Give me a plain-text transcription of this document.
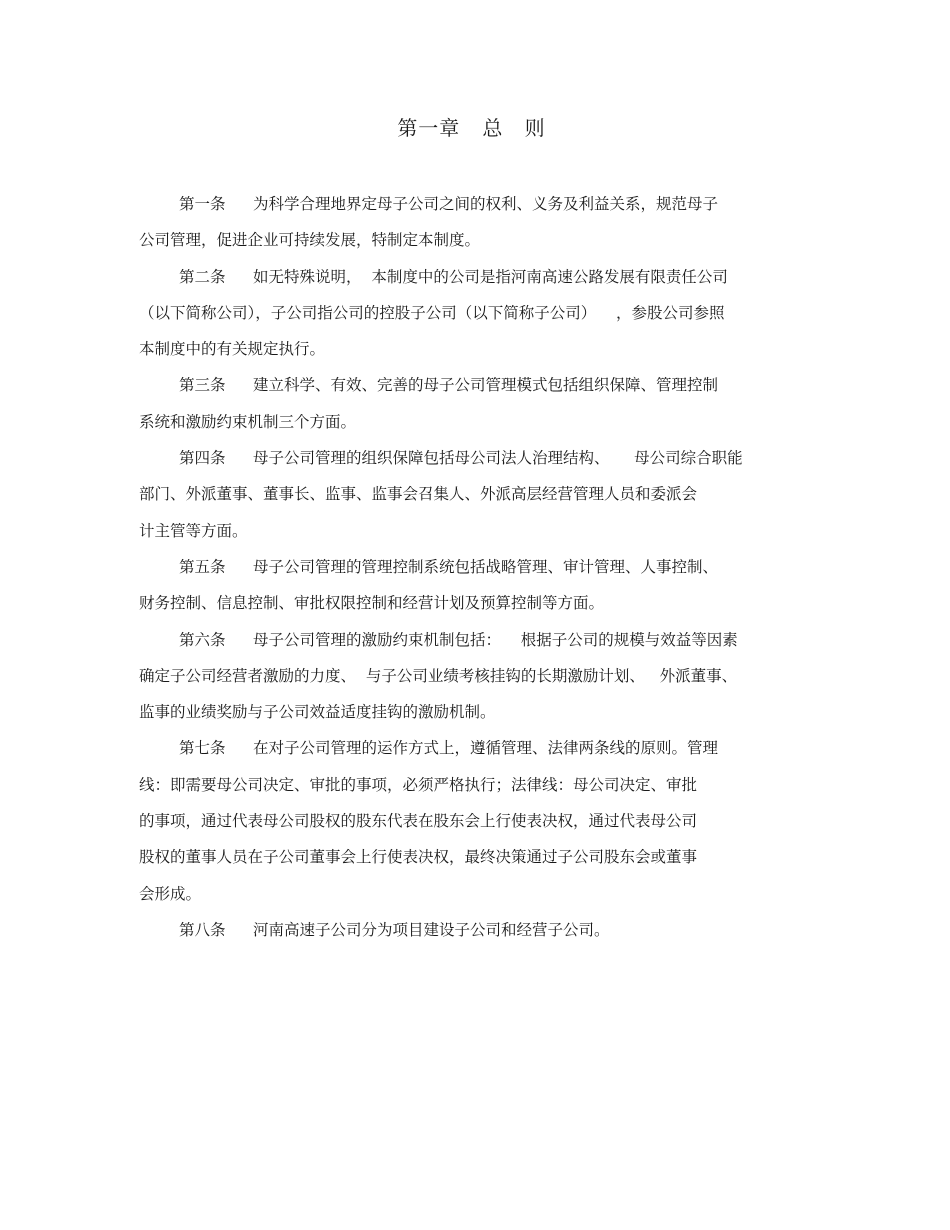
第一章 总 则
第一条 为科学合理地界定母子公司之间的权利、义务及利益关系，规范母子
公司管理，促进企业可持续发展，特制定本制度。
第二条 如无特殊说明，  本制度中的公司是指河南高速公路发展有限责任公司
（以下简称公司），子公司指公司的控股子公司（以下简称子公司）    ，参股公司参照
本制度中的有关规定执行。
第三条 建立科学、有效、完善的母子公司管理模式包括组织保障、管理控制
系统和激励约束机制三个方面。
第四条 母子公司管理的组织保障包括母公司法人治理结构、     母公司综合职能
部门、外派董事、董事长、监事、监事会召集人、外派高层经营管理人员和委派会
计主管等方面。
第五条 母子公司管理的管理控制系统包括战略管理、审计管理、人事控制、
财务控制、信息控制、审批权限控制和经营计划及预算控制等方面。
第六条 母子公司管理的激励约束机制包括：    根据子公司的规模与效益等因素
确定子公司经营者激励的力度、  与子公司业绩考核挂钩的长期激励计划、   外派董事、
监事的业绩奖励与子公司效益适度挂钩的激励机制。
第七条 在对子公司管理的运作方式上，遵循管理、法律两条线的原则。管理
线：即需要母公司决定、审批的事项，必须严格执行；法律线：母公司决定、审批
的事项，通过代表母公司股权的股东代表在股东会上行使表决权，通过代表母公司
股权的董事人员在子公司董事会上行使表决权，最终决策通过子公司股东会或董事
会形成。
第八条 河南高速子公司分为项目建设子公司和经营子公司。
